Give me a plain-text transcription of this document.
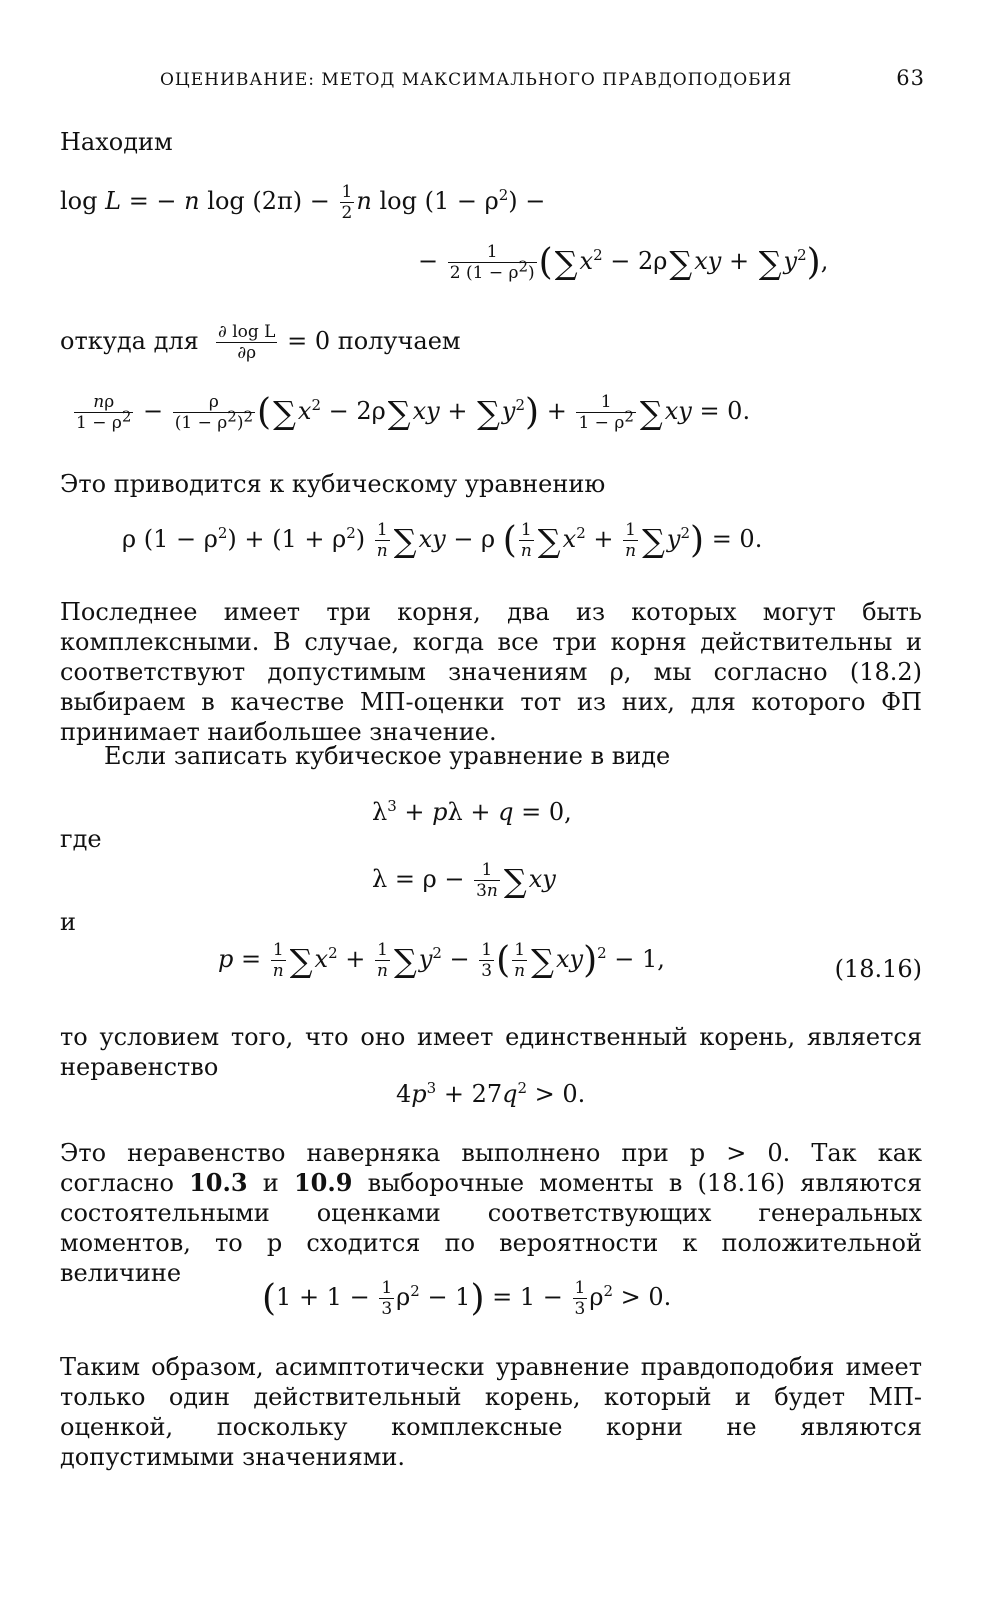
ОЦЕНИВАНИЕ: МЕТОД МАКСИМАЛЬНОГО ПРАВДОПОДОБИЯ	63
Находим
log L = − n $\log (2\pi) - \frac{1}{2}$ n $\log (1 - \rho^2)$ −
− $\frac{1}{2 (1 - \rho^2)} (\sum x^2 - 2\rho\sum xy + \sum y^2)$,
откуда для $\frac{\text{∂ log L}}{\partial\rho} = 0$ получаем
$\frac{n\rho}{1 - \rho^2} - \frac{\rho}{(1 - \rho^2)^2} (\sum x^2 - 2\rho\sum xy + \sum y^2) + \frac{1}{1 - \rho^2} \sum xy = 0$.
Это приводится к кубическому уравнению
ρ $(1 - \rho^2) + (1 + \rho^2) \frac{1}{n} \sum xy - \rho$ ( $\frac{1}{n} \sum x^2 + \frac{1}{n} \sum y^2) = 0$.
Последнее имеет три корня, два из которых могут быть комплексными. В случае, когда все три корня действительны и соответствуют допустимым значениям ρ, мы согласно (18.2) выбираем в качестве МП-оценки тот из них, для которого ФП принимает наибольшее значение.
Если записать кубическое уравнение в виде
$\lambda^3 + p\lambda + q = 0$,
где
$\lambda = \rho - \frac{1}{3n} \sum xy$
и
$p = \frac{1}{n} \sum x^2 + \frac{1}{n} \sum y^2 - \frac{1}{3}$ ( $\frac{1}{n} \sum xy)^2 - 1$,	(18.16)
то условием того, что оно имеет единственный корень, является неравенство
$4p^3 + 27q^2 > 0$.
Это неравенство наверняка выполнено при p > 0. Так как согласно 10.3 и 10.9 выборочные моменты в (18.16) являются состоятельными оценками соответствующих генеральных моментов, то p сходится по вероятности к положительной величине
$(1 + 1 - \frac{1}{3} \rho^2 - 1) = 1 - \frac{1}{3} \rho^2 > 0$.
Таким образом, асимптотически уравнение правдоподобия имеет только один действительный корень, который и будет МП-оценкой, поскольку комплексные корни не являются допустимыми значениями.
